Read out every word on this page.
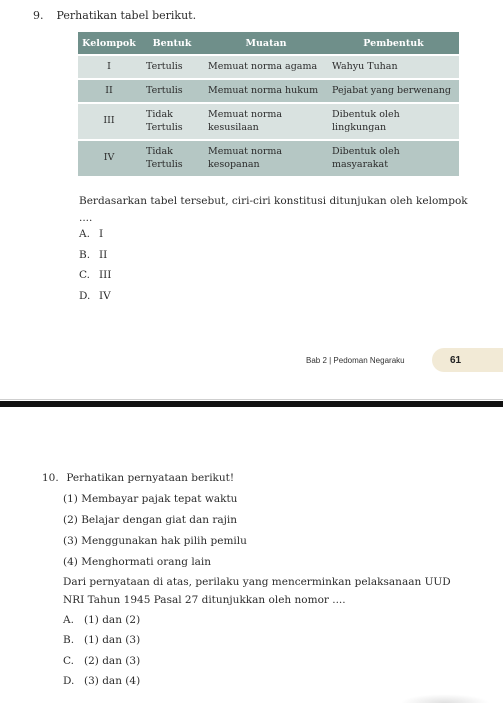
9. Perhatikan tabel berikut.
Kelompok	Bentuk	Muatan	Pembentuk
I	Tertulis	Memuat norma agama	Wahyu Tuhan
II	Tertulis	Memuat norma hukum	Pejabat yang berwenang
III	Tidak Tertulis	Memuat norma kesusilaan	Dibentuk oleh lingkungan
IV	Tidak Tertulis	Memuat norma kesopanan	Dibentuk oleh masyarakat
Berdasarkan tabel tersebut, ciri-ciri konstitusi ditunjukan oleh kelompok ....
A. I
B. II
C. III
D. IV
Bab 2 | Pedoman Negaraku	61
10. Perhatikan pernyataan berikut!
(1) Membayar pajak tepat waktu
(2) Belajar dengan giat dan rajin
(3) Menggunakan hak pilih pemilu
(4) Menghormati orang lain
Dari pernyataan di atas, perilaku yang mencerminkan pelaksanaan UUD NRI Tahun 1945 Pasal 27 ditunjukkan oleh nomor ....
A. (1) dan (2)
B. (1) dan (3)
C. (2) dan (3)
D. (3) dan (4)
